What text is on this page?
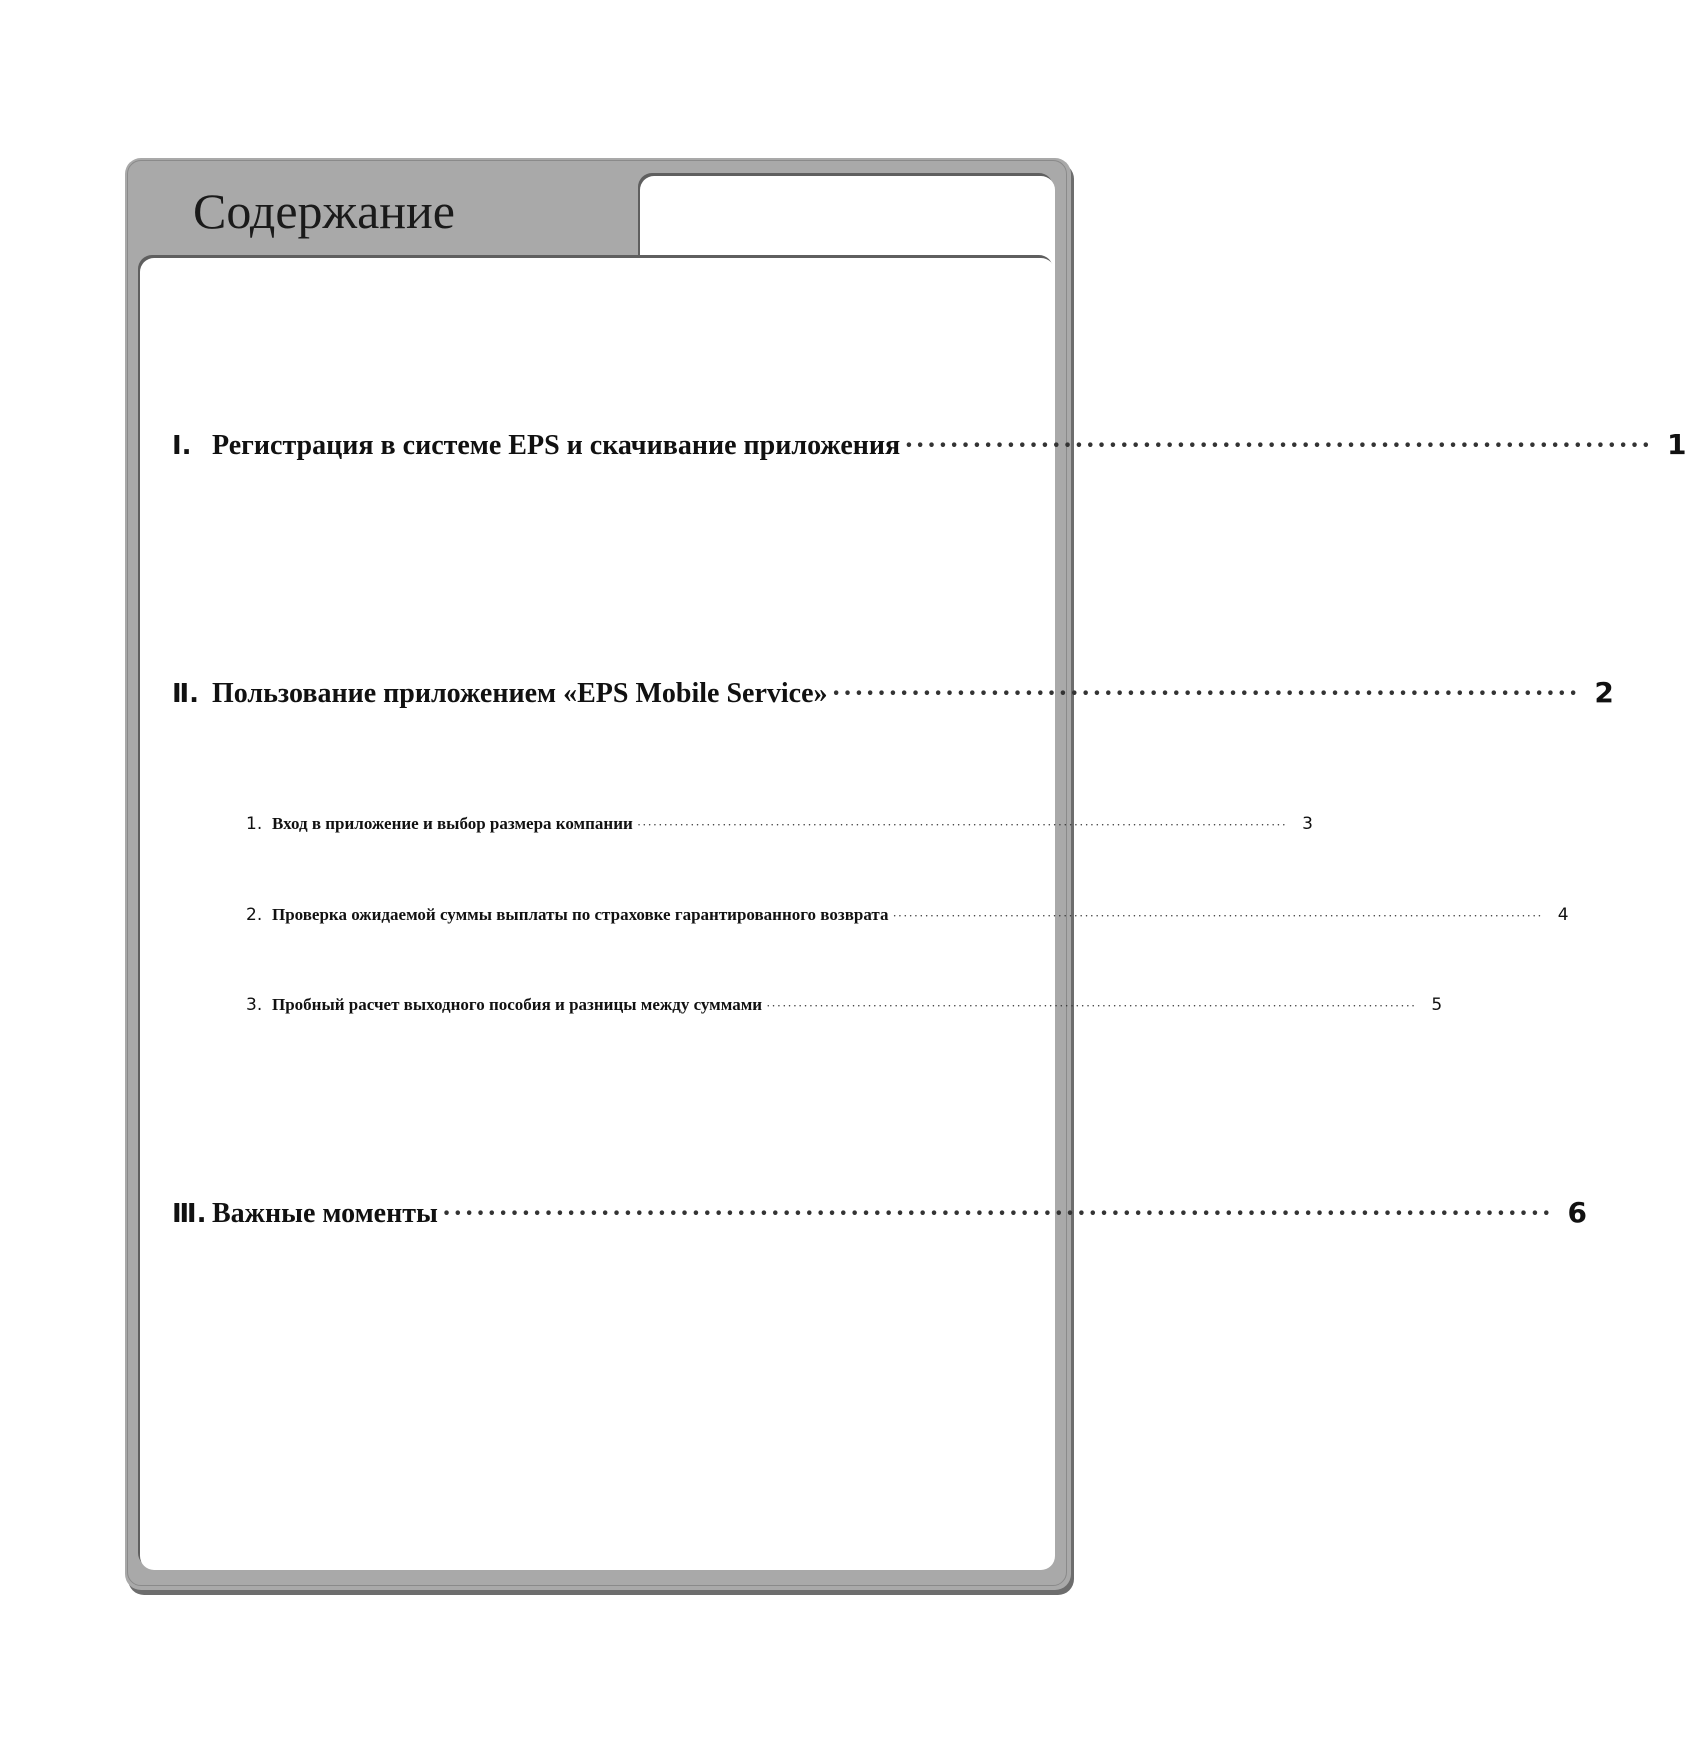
Содержание
Ⅰ. Регистрация в системе EPS и скачивание приложения ·································································· 1
Ⅱ. Пользование приложением «EPS Mobile Service» ·································································· 2
1. Вход в приложение и выбор размера компании ·························································································································· 3
2. Проверка ожидаемой суммы выплаты по страховке гарантированного возврата ·························································································································· 4
3. Пробный расчет выходного пособия и разницы между суммами ·························································································································· 5
Ⅲ. Важные моменты ·································································································· 6
